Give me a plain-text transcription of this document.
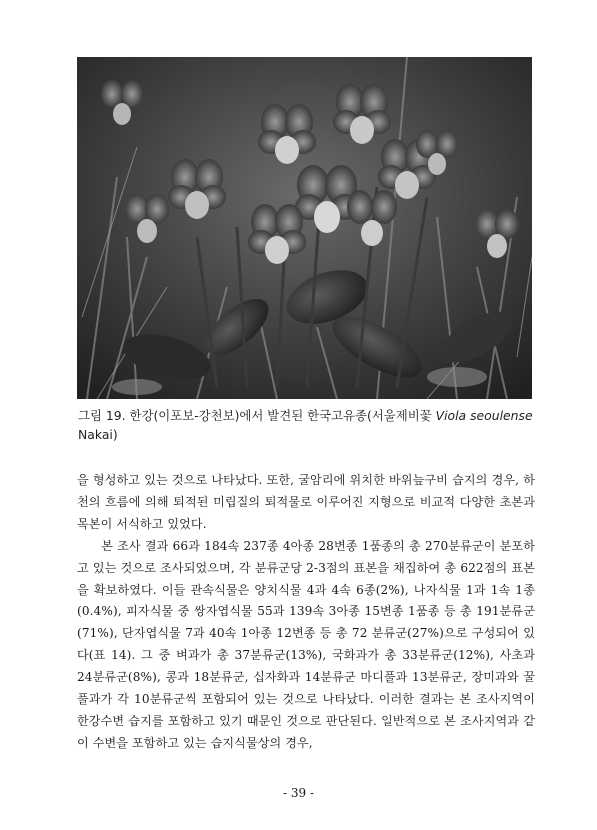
그림 19. 한강(이포보-강천보)에서 발견된 한국고유종(서울제비꽃 Viola seoulense Nakai)

을 형성하고 있는 것으로 나타났다. 또한, 굴암리에 위치한 바위늪구비 습지의 경우, 하천의 흐름에 의해 퇴적된 미립질의 퇴적물로 이루어진 지형으로 비교적 다양한 초본과 목본이 서식하고 있었다.

본 조사 결과 66과 184속 237종 4아종 28변종 1품종의 총 270분류군이 분포하고 있는 것으로 조사되었으며, 각 분류군당 2-3점의 표본을 채집하여 총 622점의 표본을 확보하였다. 이들 관속식물은 양치식물 4과 4속 6종(2%), 나자식물 1과 1속 1종(0.4%), 피자식물 중 쌍자엽식물 55과 139속 3아종 15변종 1품종 등 총 191분류군(71%), 단자엽식물 7과 40속 1아종 12변종 등 총 72 분류군(27%)으로 구성되어 있다(표 14). 그 중 벼과가 총 37분류군(13%), 국화과가 총 33분류군(12%), 사초과 24분류군(8%), 콩과 18분류군, 십자화과 14분류군 마디풀과 13분류군, 장미과와 꿀풀과가 각 10분류군씩 포함되어 있는 것으로 나타났다. 이러한 결과는 본 조사지역이 한강수변 습지를 포함하고 있기 때문인 것으로 판단된다. 일반적으로 본 조사지역과 같이 수변을 포함하고 있는 습지식물상의 경우,

- 39 -
